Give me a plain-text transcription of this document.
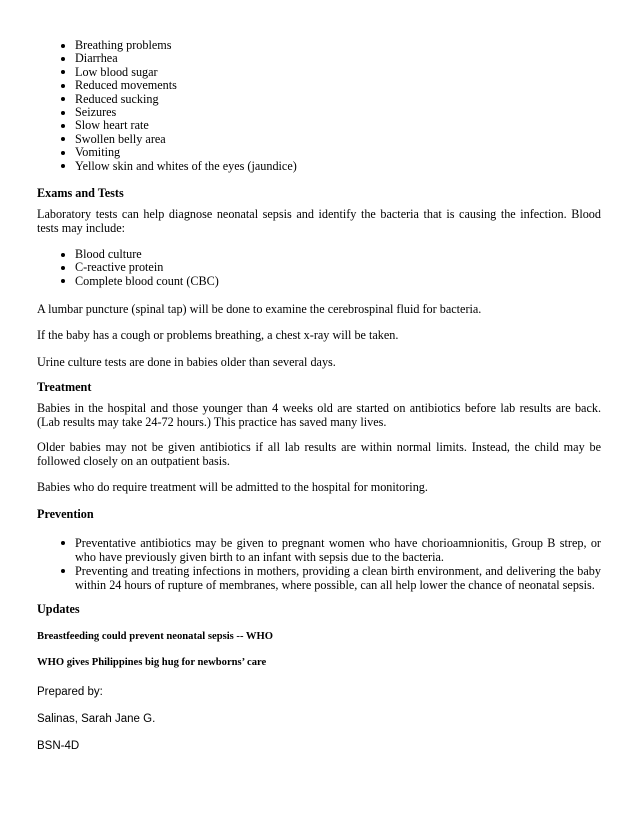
Breathing problems
Diarrhea
Low blood sugar
Reduced movements
Reduced sucking
Seizures
Slow heart rate
Swollen belly area
Vomiting
Yellow skin and whites of the eyes (jaundice)
Exams and Tests
Laboratory tests can help diagnose neonatal sepsis and identify the bacteria that is causing the infection. Blood tests may include:
Blood culture
C-reactive protein
Complete blood count (CBC)
A lumbar puncture (spinal tap) will be done to examine the cerebrospinal fluid for bacteria.
If the baby has a cough or problems breathing, a chest x-ray will be taken.
Urine culture tests are done in babies older than several days.
Treatment
Babies in the hospital and those younger than 4 weeks old are started on antibiotics before lab results are back. (Lab results may take 24-72 hours.) This practice has saved many lives.
Older babies may not be given antibiotics if all lab results are within normal limits. Instead, the child may be followed closely on an outpatient basis.
Babies who do require treatment will be admitted to the hospital for monitoring.
Prevention
Preventative antibiotics may be given to pregnant women who have chorioamnionitis, Group B strep, or who have previously given birth to an infant with sepsis due to the bacteria.
Preventing and treating infections in mothers, providing a clean birth environment, and delivering the baby within 24 hours of rupture of membranes, where possible, can all help lower the chance of neonatal sepsis.
Updates
Breastfeeding could prevent neonatal sepsis -- WHO
WHO gives Philippines big hug for newborns’ care
Prepared by:
Salinas, Sarah Jane G.
BSN-4D
